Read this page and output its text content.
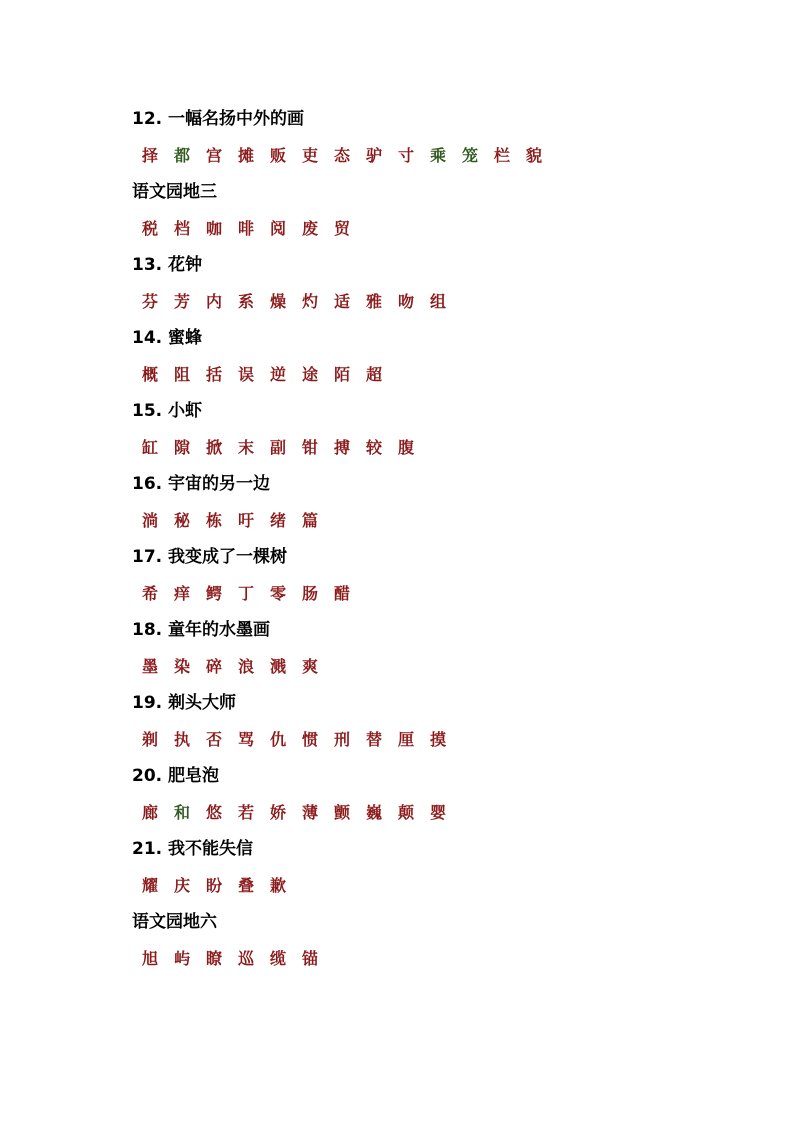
12. 一幅名扬中外的画
择 都 宫 摊 贩 吏 态 驴 寸 乘 笼 栏 貌
语文园地三
税 档 咖 啡 阅 废 贸
13. 花钟
芬 芳 内 系 燥 灼 适 雅 吻 组
14. 蜜蜂
概 阻 括 误 逆 途 陌 超
15. 小虾
缸 隙 掀 末 副 钳 搏 较 腹
16. 宇宙的另一边
淌 秘 栋 吁 绪 篇
17. 我变成了一棵树
希 痒 鳄 丁 零 肠 醋
18. 童年的水墨画
墨 染 碎 浪 溅 爽
19. 剃头大师
剃 执 否 骂 仇 惯 刑 替 厘 摸
20. 肥皂泡
廊 和 悠 若 娇 薄 颤 巍 颠 婴
21. 我不能失信
耀 庆 盼 叠 歉
语文园地六
旭 屿 瞭 巡 缆 锚
